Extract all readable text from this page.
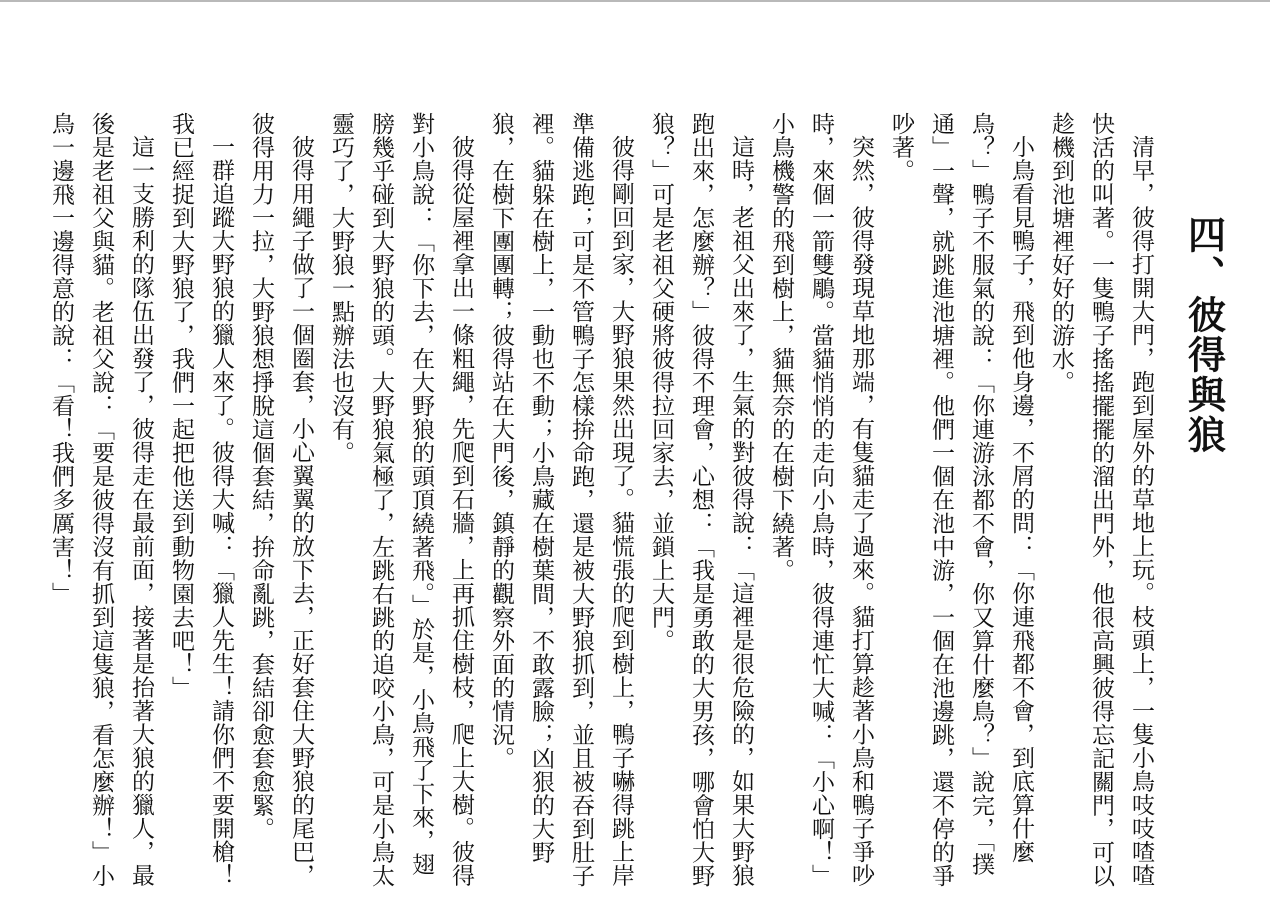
四、彼得與狼

清早，彼得打開大門，跑到屋外的草地上玩。枝頭上，一隻小鳥吱吱喳喳快活的叫著。一隻鴨子搖搖擺擺的溜出門外，他很高興彼得忘記關門，可以趁機到池塘裡好好的游水。

小鳥看見鴨子，飛到他身邊，不屑的問：「你連飛都不會，到底算什麼鳥？」鴨子不服氣的說：「你連游泳都不會，你又算什麼鳥？」說完，「撲通」一聲，就跳進池塘裡。他們一個在池中游，一個在池邊跳，還不停的爭吵著。

突然，彼得發現草地那端，有隻貓走了過來。貓打算趁著小鳥和鴨子爭吵時，來個一箭雙鵰。當貓悄悄的走向小鳥時，彼得連忙大喊：「小心啊！」小鳥機警的飛到樹上，貓無奈的在樹下繞著。

這時，老祖父出來了，生氣的對彼得說：「這裡是很危險的，如果大野狼跑出來，怎麼辦？」彼得不理會，心想：「我是勇敢的大男孩，哪會怕大野狼？」可是老祖父硬將彼得拉回家去，並鎖上大門。

彼得剛回到家，大野狼果然出現了。貓慌張的爬到樹上，鴨子嚇得跳上岸準備逃跑；可是不管鴨子怎樣拚命跑，還是被大野狼抓到，並且被吞到肚子裡。貓躲在樹上，一動也不動；小鳥藏在樹葉間，不敢露臉；凶狠的大野狼，在樹下團團轉；彼得站在大門後，鎮靜的觀察外面的情況。

彼得從屋裡拿出一條粗繩，先爬到石牆，上再抓住樹枝，爬上大樹。彼得對小鳥說：「你下去，在大野狼的頭頂繞著飛。」於是，小鳥飛了下來，翅膀幾乎碰到大野狼的頭。大野狼氣極了，左跳右跳的追咬小鳥，可是小鳥太靈巧了，大野狼一點辦法也沒有。

彼得用繩子做了一個圈套，小心翼翼的放下去，正好套住大野狼的尾巴，彼得用力一拉，大野狼想掙脫這個套結，拚命亂跳，套結卻愈套愈緊。

一群追蹤大野狼的獵人來了。彼得大喊：「獵人先生！請你們不要開槍！我已經捉到大野狼了，我們一起把他送到動物園去吧！」

這一支勝利的隊伍出發了，彼得走在最前面，接著是抬著大狼的獵人，最後是老祖父與貓。老祖父說：「要是彼得沒有抓到這隻狼，看怎麼辦！」小鳥一邊飛一邊得意的說：「看！我們多厲害！」
